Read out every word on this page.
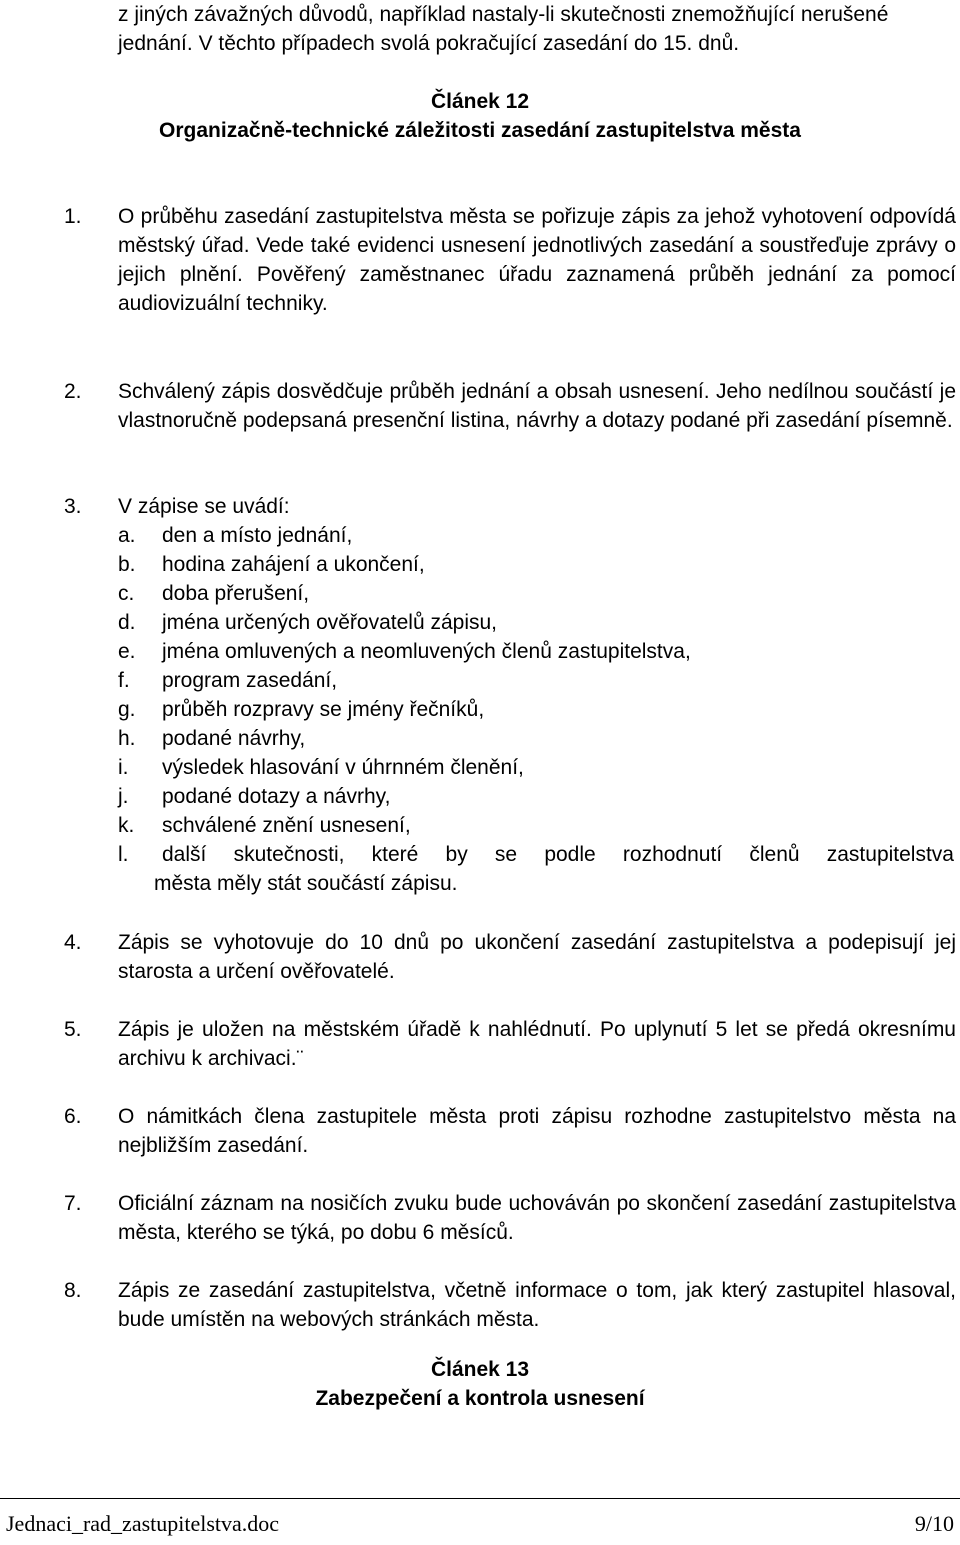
z jiných závažných důvodů, například nastaly-li skutečnosti znemožňující nerušené jednání. V těchto případech svolá pokračující zasedání do 15. dnů.
Článek 12
Organizačně-technické záležitosti zasedání zastupitelstva města
1. O průběhu zasedání zastupitelstva města se pořizuje zápis za jehož vyhotovení odpovídá městský úřad. Vede také evidenci usnesení jednotlivých zasedání a soustřeďuje zprávy o jejich plnění. Pověřený zaměstnanec úřadu zaznamená průběh jednání za pomocí audiovizuální techniky.
2. Schválený zápis dosvědčuje průběh jednání a obsah usnesení. Jeho nedílnou součástí je vlastnoručně podepsaná presenční listina, návrhy a dotazy podané při zasedání písemně.
3. V zápise se uvádí:
a. den a místo jednání,
b. hodina zahájení a ukončení,
c. doba přerušení,
d. jména určených ověřovatelů zápisu,
e. jména omluvených a neomluvených členů zastupitelstva,
f. program zasedání,
g. průběh rozpravy se jmény řečníků,
h. podané návrhy,
i. výsledek hlasování v úhrnném členění,
j. podané dotazy a návrhy,
k. schválené znění usnesení,
l. další skutečnosti, které by se podle rozhodnutí členů zastupitelstva
města měly stát součástí zápisu.
4. Zápis se vyhotovuje do 10 dnů po ukončení zasedání zastupitelstva a podepisují jej starosta a určení ověřovatelé.
5. Zápis je uložen na městském úřadě k nahlédnutí. Po uplynutí 5 let se předá okresnímu archivu k archivaci.¨
6. O námitkách člena zastupitele města proti zápisu rozhodne zastupitelstvo města na nejbližším zasedání.
7. Oficiální záznam na nosičích zvuku bude uchováván po skončení zasedání zastupitelstva města, kterého se týká, po dobu 6 měsíců.
8. Zápis ze zasedání zastupitelstva, včetně informace o tom, jak který zastupitel hlasoval, bude umístěn na webových stránkách města.
Článek 13
Zabezpečení a kontrola usnesení
Jednaci_rad_zastupitelstva.doc	9/10
